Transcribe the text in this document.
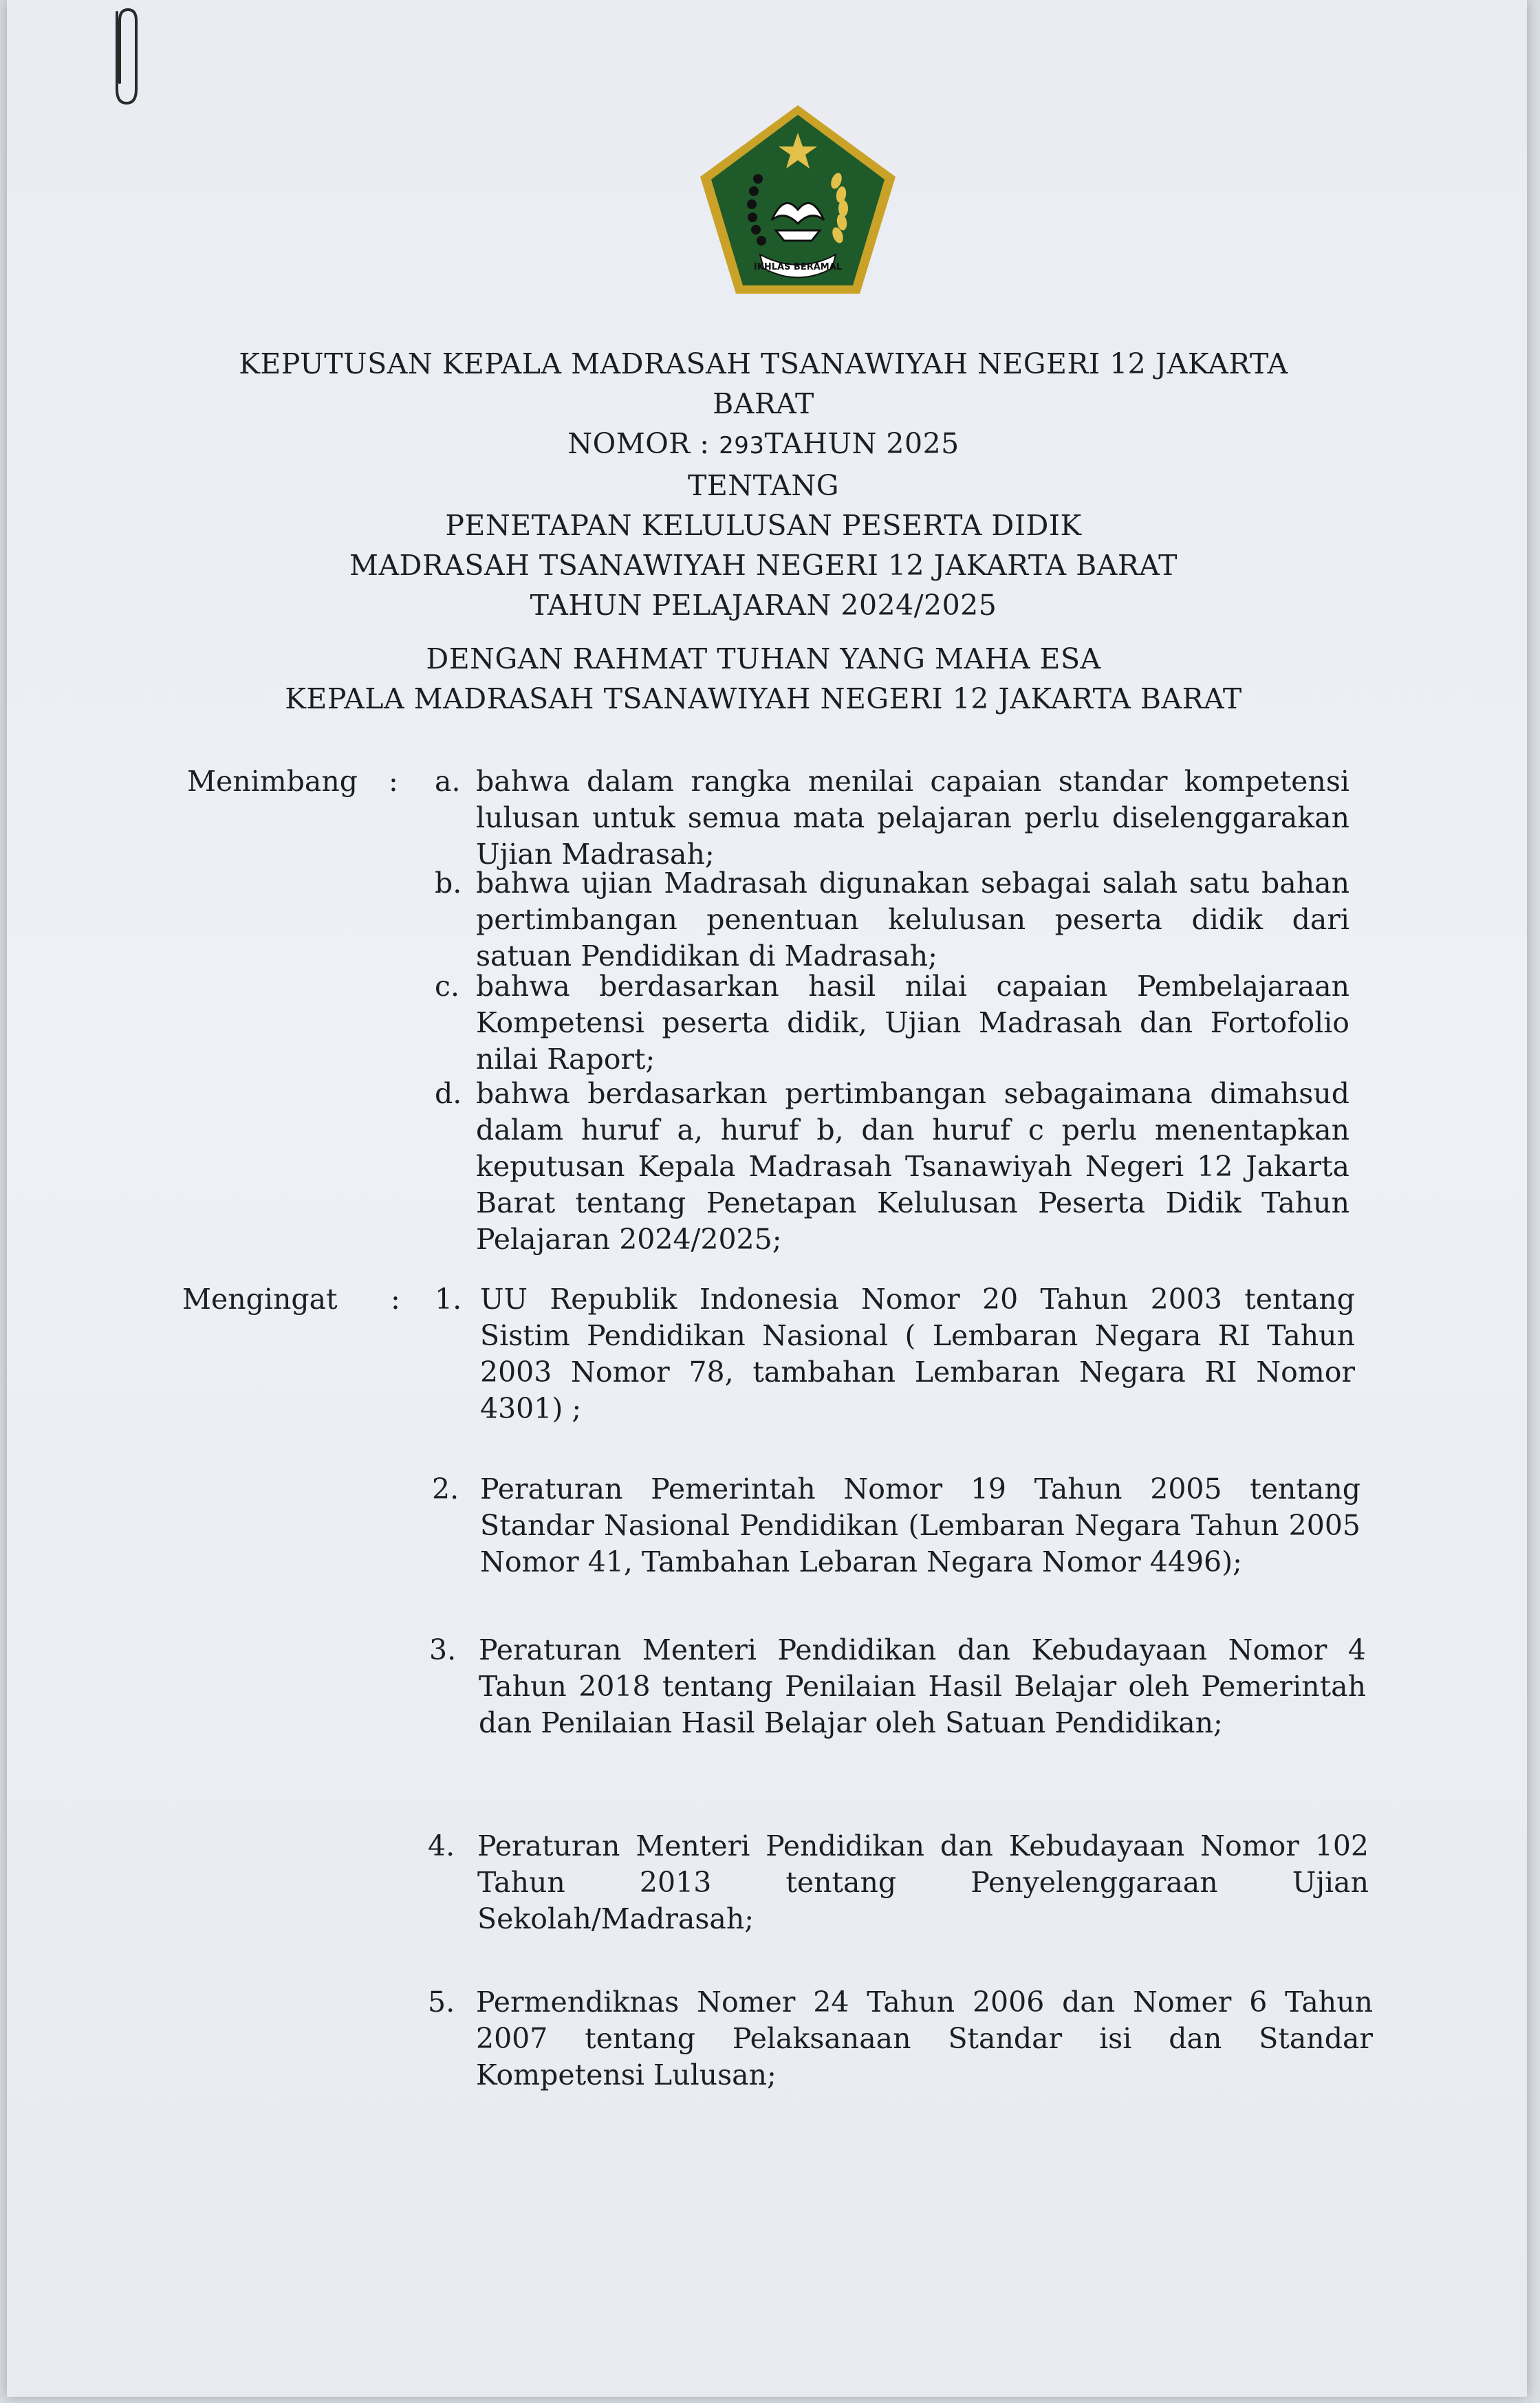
IKHLAS BERAMAL
KEPUTUSAN KEPALA MADRASAH TSANAWIYAH NEGERI 12 JAKARTA
BARAT
NOMOR : 293TAHUN 2025
TENTANG
PENETAPAN KELULUSAN PESERTA DIDIK
MADRASAH TSANAWIYAH NEGERI 12 JAKARTA BARAT
TAHUN PELAJARAN 2024/2025
DENGAN RAHMAT TUHAN YANG MAHA ESA
KEPALA MADRASAH TSANAWIYAH NEGERI 12 JAKARTA BARAT
Menimbang : a. bahwa dalam rangka menilai capaian standar kompetensi lulusan untuk semua mata pelajaran perlu diselenggarakan Ujian Madrasah;
b. bahwa ujian Madrasah digunakan sebagai salah satu bahan pertimbangan penentuan kelulusan peserta didik dari satuan Pendidikan di Madrasah;
c. bahwa berdasarkan hasil nilai capaian Pembelajaraan Kompetensi peserta didik, Ujian Madrasah dan Fortofolio nilai Raport;
d. bahwa berdasarkan pertimbangan sebagaimana dimahsud dalam huruf a, huruf b, dan huruf c perlu menentapkan keputusan Kepala Madrasah Tsanawiyah Negeri 12 Jakarta Barat tentang Penetapan Kelulusan Peserta Didik Tahun Pelajaran 2024/2025;
Mengingat : 1. UU Republik Indonesia Nomor 20 Tahun 2003 tentang Sistim Pendidikan Nasional ( Lembaran Negara RI Tahun 2003 Nomor 78, tambahan Lembaran Negara RI Nomor 4301) ;
2. Peraturan Pemerintah Nomor 19 Tahun 2005 tentang Standar Nasional Pendidikan (Lembaran Negara Tahun 2005 Nomor 41, Tambahan Lebaran Negara Nomor 4496);
3. Peraturan Menteri Pendidikan dan Kebudayaan Nomor 4 Tahun 2018 tentang Penilaian Hasil Belajar oleh Pemerintah dan Penilaian Hasil Belajar oleh Satuan Pendidikan;
4. Peraturan Menteri Pendidikan dan Kebudayaan Nomor 102 Tahun 2013 tentang Penyelenggaraan Ujian Sekolah/Madrasah;
5. Permendiknas Nomer 24 Tahun 2006 dan Nomer 6 Tahun 2007 tentang Pelaksanaan Standar isi dan Standar Kompetensi Lulusan;
